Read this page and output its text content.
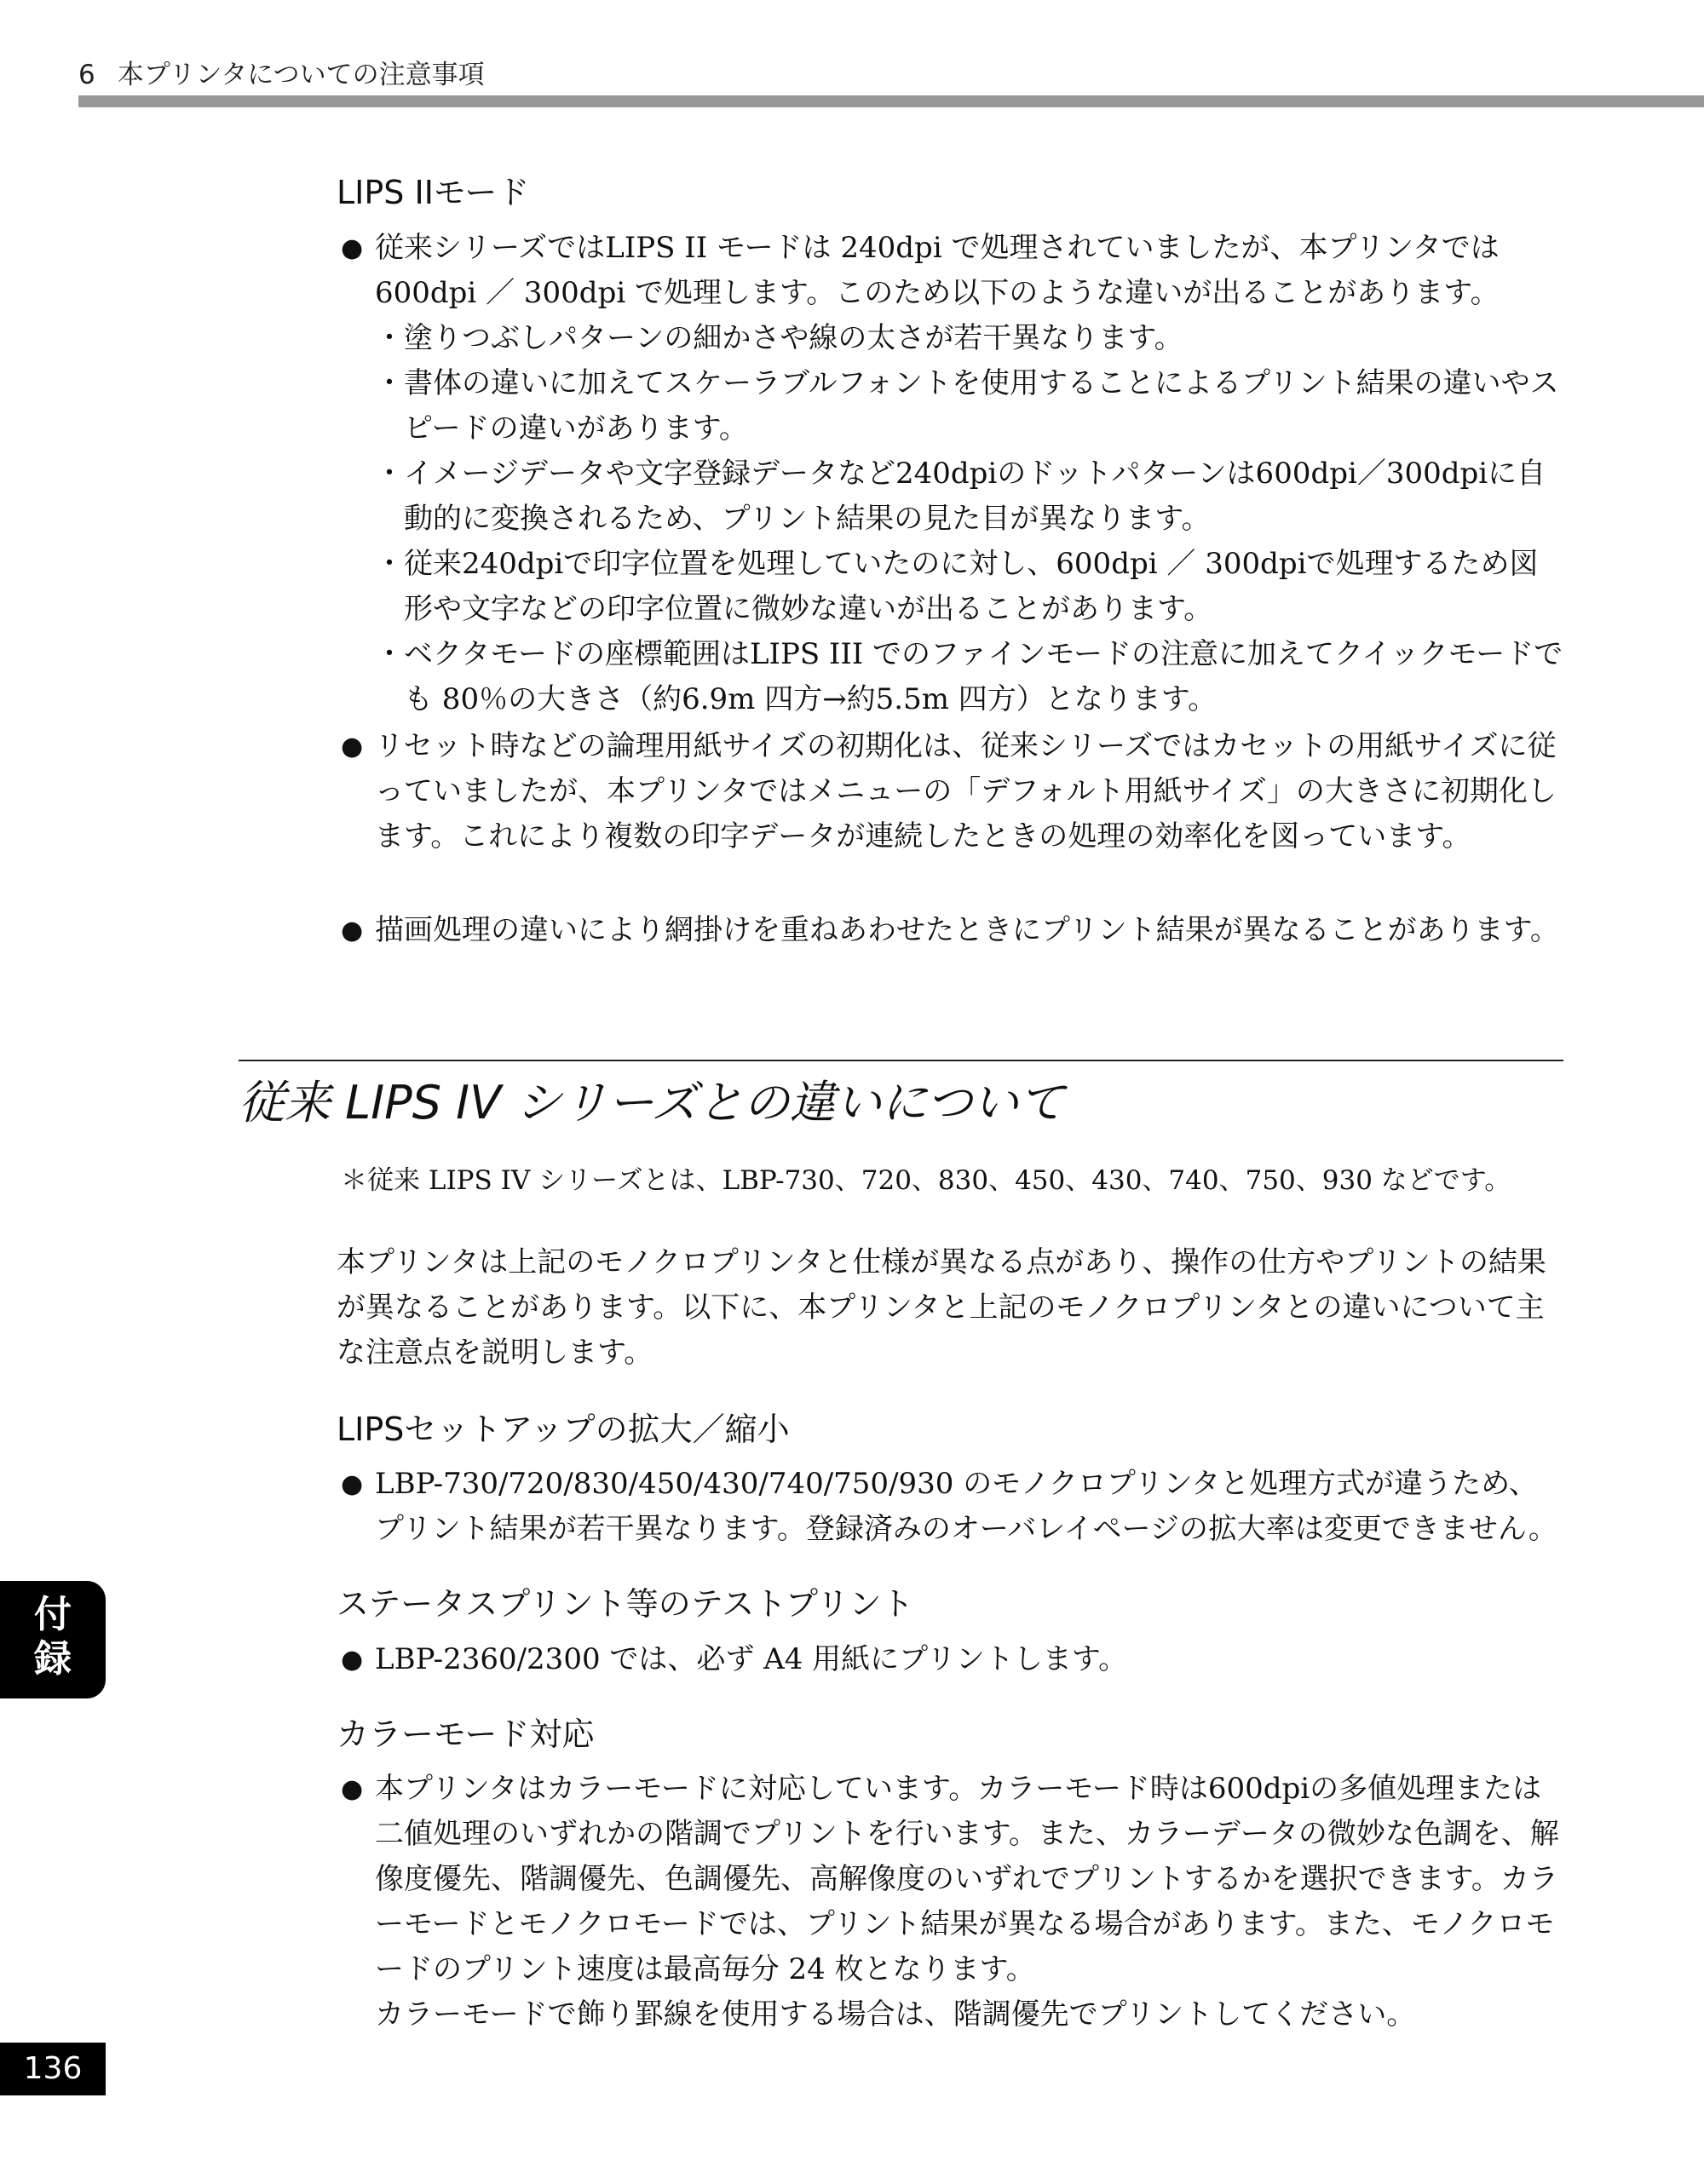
6 本プリンタについての注意事項
LIPS IIモード
● 従来シリーズではLIPS II モードは 240dpi で処理されていましたが、本プリンタでは600dpi ／ 300dpi で処理します。このため以下のような違いが出ることがあります。
・塗りつぶしパターンの細かさや線の太さが若干異なります。
・書体の違いに加えてスケーラブルフォントを使用することによるプリント結果の違いやスピードの違いがあります。
・イメージデータや文字登録データなど240dpiのドットパターンは600dpi／300dpiに自動的に変換されるため、プリント結果の見た目が異なります。
・従来240dpiで印字位置を処理していたのに対し、600dpi ／ 300dpiで処理するため図形や文字などの印字位置に微妙な違いが出ることがあります。
・ベクタモードの座標範囲はLIPS III でのファインモードの注意に加えてクイックモードでも 80％の大きさ（約6.9m 四方→約5.5m 四方）となります。
● リセット時などの論理用紙サイズの初期化は、従来シリーズではカセットの用紙サイズに従っていましたが、本プリンタではメニューの「デフォルト用紙サイズ」の大きさに初期化します。これにより複数の印字データが連続したときの処理の効率化を図っています。
● 描画処理の違いにより網掛けを重ねあわせたときにプリント結果が異なることがあります。
従来 LIPS IV シリーズとの違いについて
＊従来 LIPS IV シリーズとは、LBP-730、720、830、450、430、740、750、930 などです。
本プリンタは上記のモノクロプリンタと仕様が異なる点があり、操作の仕方やプリントの結果が異なることがあります。以下に、本プリンタと上記のモノクロプリンタとの違いについて主な注意点を説明します。
LIPSセットアップの拡大／縮小
● LBP-730/720/830/450/430/740/750/930 のモノクロプリンタと処理方式が違うため、プリント結果が若干異なります。登録済みのオーバレイページの拡大率は変更できません。
ステータスプリント等のテストプリント
● LBP-2360/2300 では、必ず A4 用紙にプリントします。
カラーモード対応
● 本プリンタはカラーモードに対応しています。カラーモード時は600dpiの多値処理または二値処理のいずれかの階調でプリントを行います。また、カラーデータの微妙な色調を、解像度優先、階調優先、色調優先、高解像度のいずれでプリントするかを選択できます。カラーモードとモノクロモードでは、プリント結果が異なる場合があります。また、モノクロモードのプリント速度は最高毎分 24 枚となります。
カラーモードで飾り罫線を使用する場合は、階調優先でプリントしてください。
付
録
136
